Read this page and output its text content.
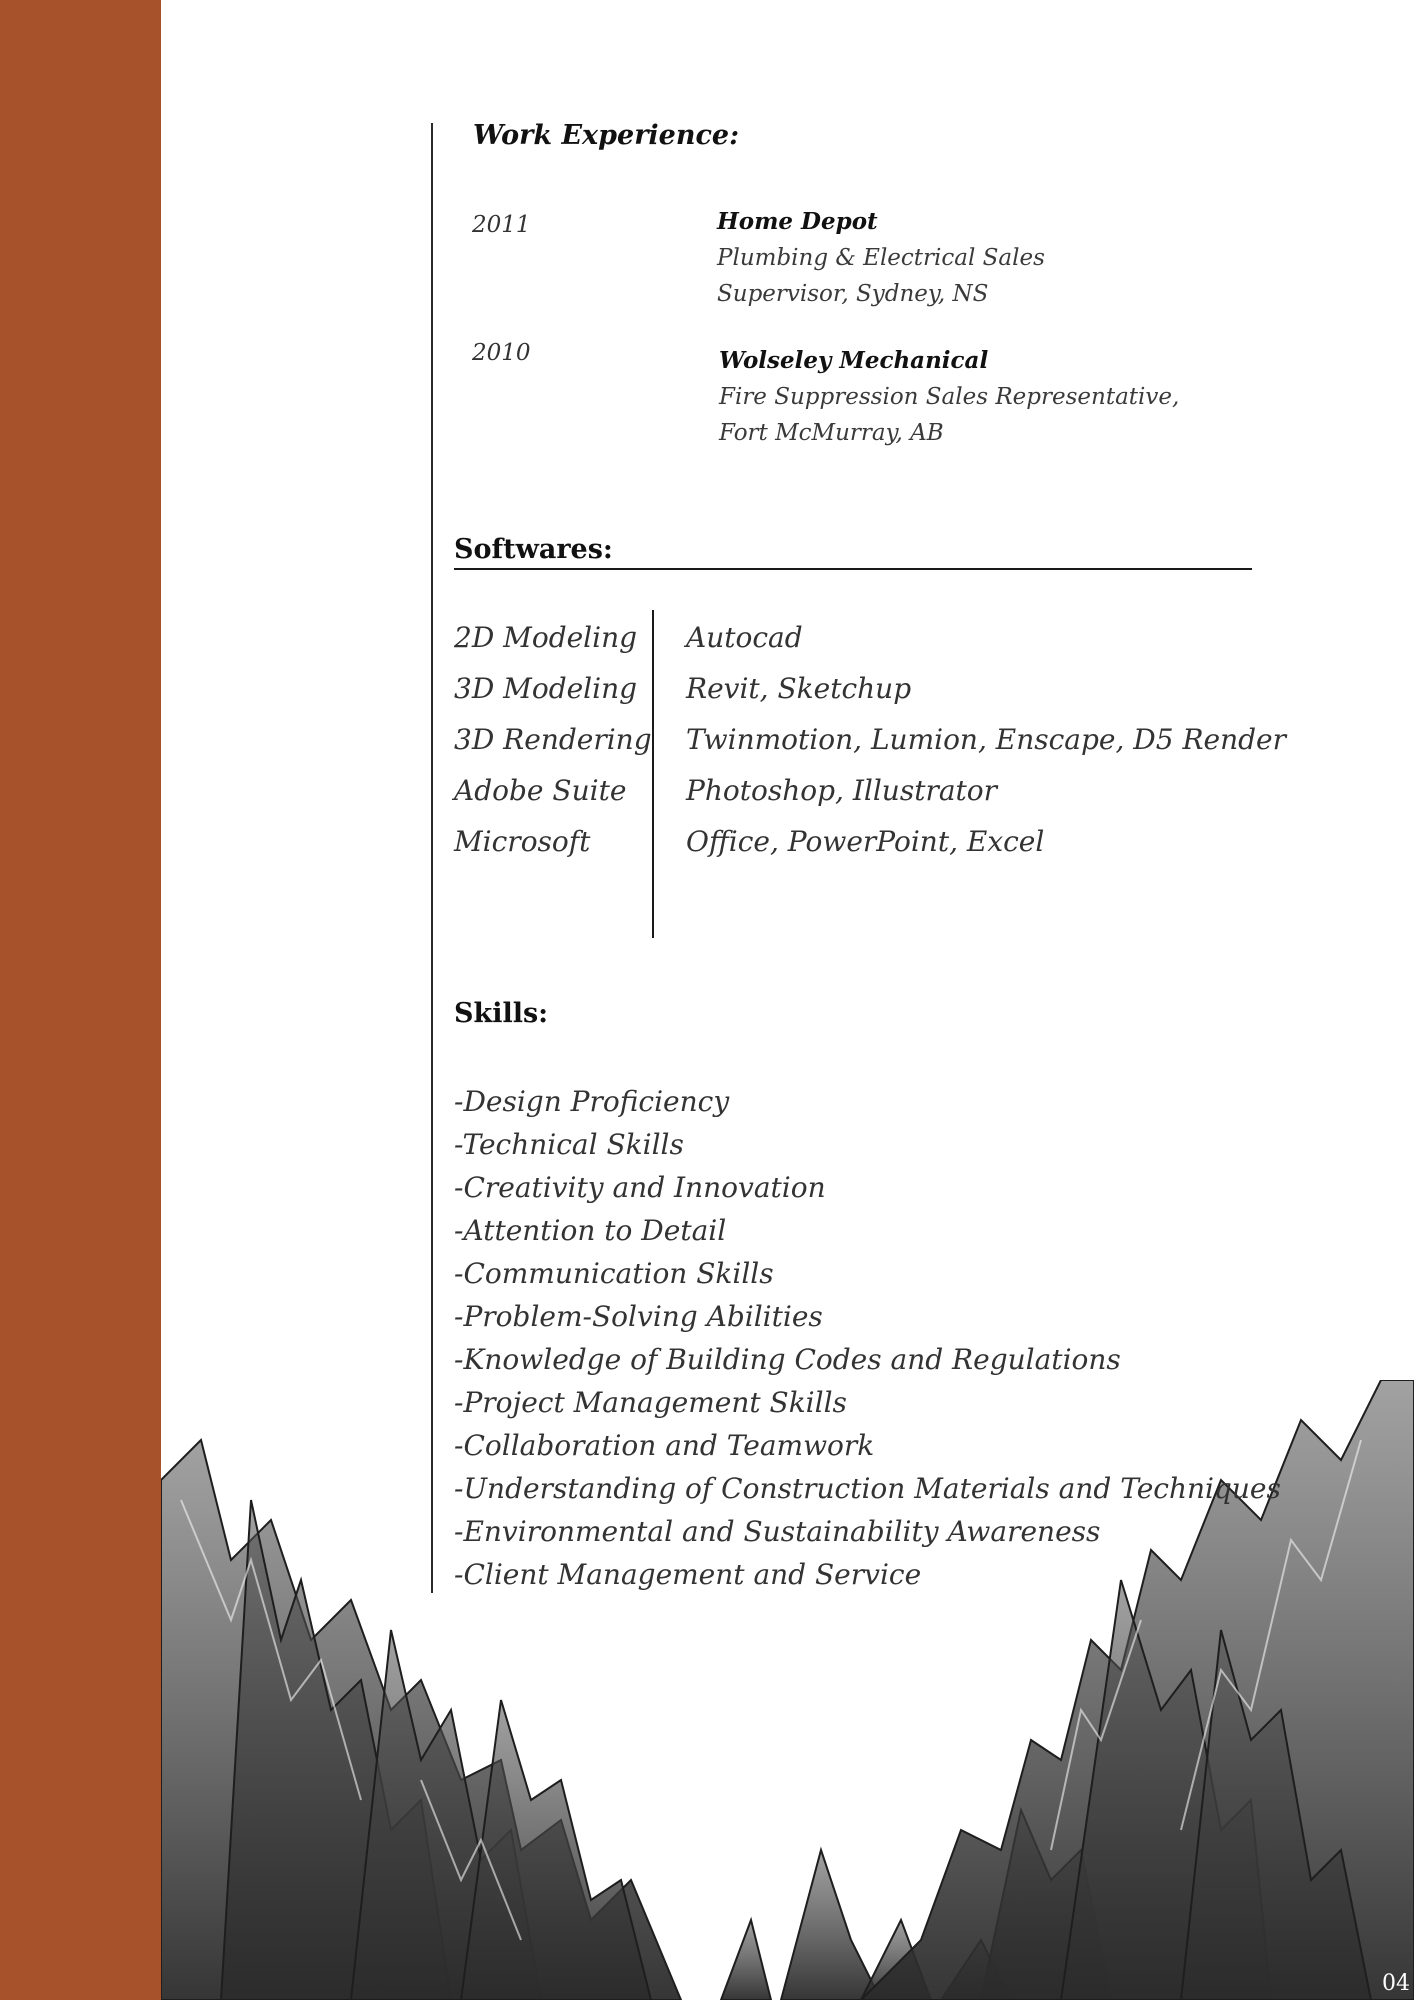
Work Experience:
2011	Home Depot
Plumbing & Electrical Sales
Supervisor, Sydney, NS
2010	Wolseley Mechanical
Fire Suppression Sales Representative,
Fort McMurray, AB
Softwares:
2D Modeling
3D Modeling
3D Rendering
Adobe Suite
Microsoft
Autocad
Revit, Sketchup
Twinmotion, Lumion, Enscape, D5 Render
Photoshop, Illustrator
Office, PowerPoint, Excel
Skills:
-Design Proficiency
-Technical Skills
-Creativity and Innovation
-Attention to Detail
-Communication Skills
-Problem-Solving Abilities
-Knowledge of Building Codes and Regulations
-Project Management Skills
-Collaboration and Teamwork
-Understanding of Construction Materials and Techniques
-Environmental and Sustainability Awareness
-Client Management and Service
04
